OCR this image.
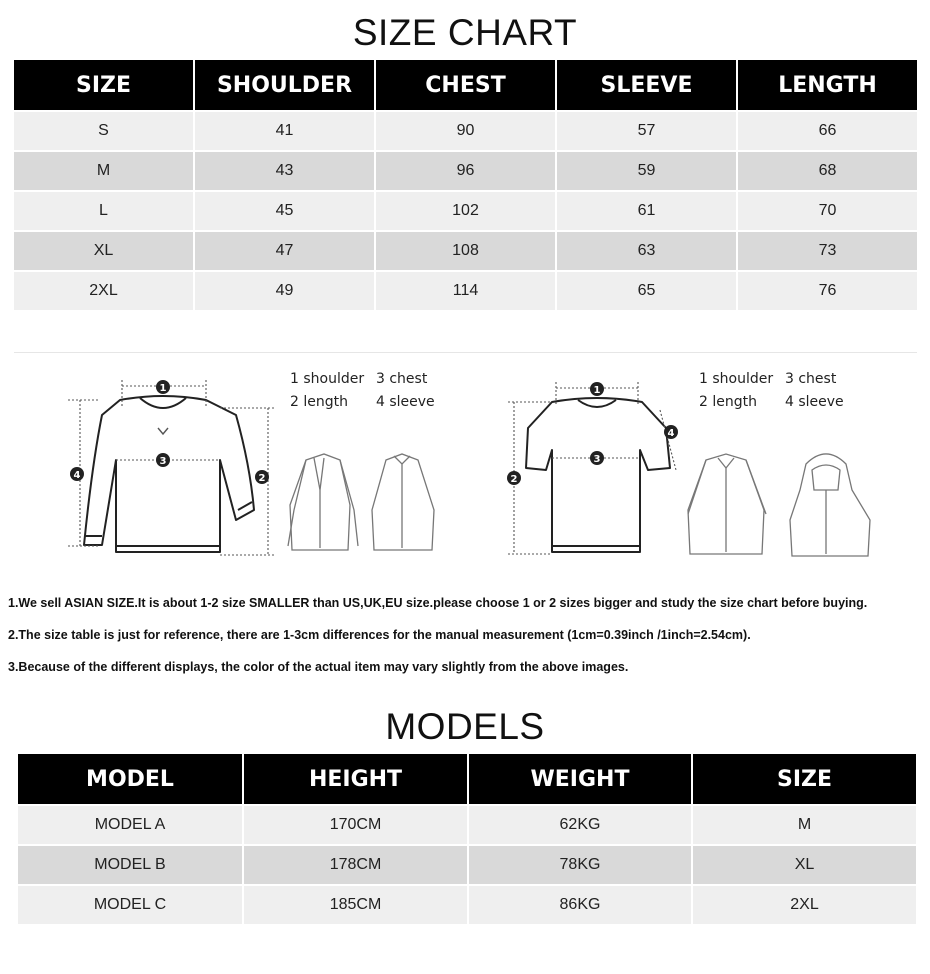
SIZE CHART
SIZE	SHOULDER	CHEST	SLEEVE	LENGTH
S	41	90	57	66
M	43	96	59	68
L	45	102	61	70
XL	47	108	63	73
2XL	49	114	65	76
1
2
3
4
1 shoulder 3 chest
2 length 4 sleeve
1
2
3
4
1 shoulder 3 chest
2 length 4 sleeve
1.We sell ASIAN SIZE.It is about 1-2 size SMALLER than US,UK,EU size.please choose 1 or 2 sizes bigger and study the size chart before buying.
2.The size table is just for reference, there are 1-3cm differences for the manual measurement (1cm=0.39inch /1inch=2.54cm).
3.Because of the different displays, the color of the actual item may vary slightly from the above images.
MODELS
MODEL	HEIGHT	WEIGHT	SIZE
MODEL A	170CM	62KG	M
MODEL B	178CM	78KG	XL
MODEL C	185CM	86KG	2XL
